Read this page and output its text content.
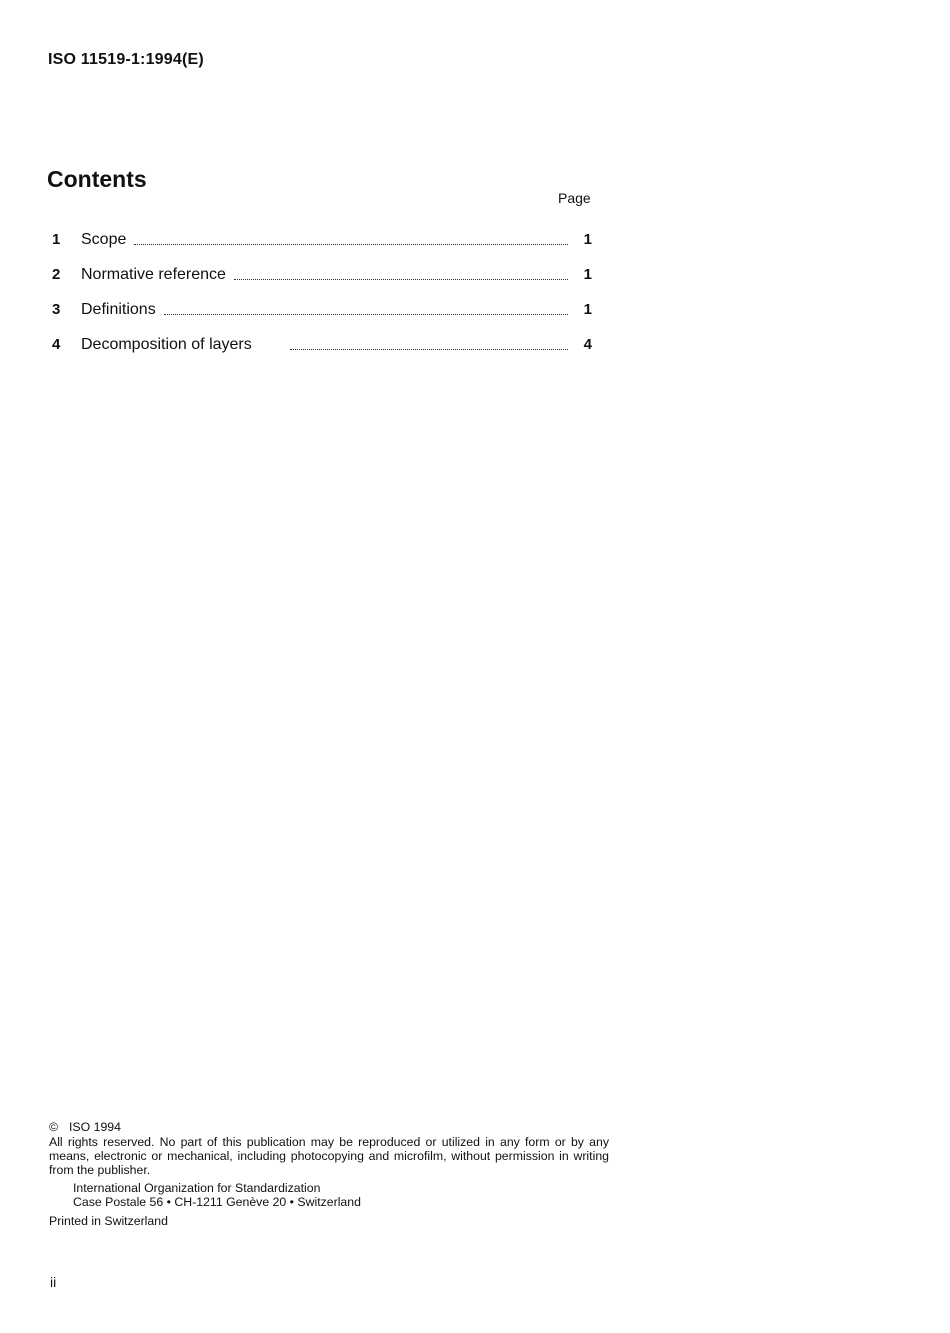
ISO 11519-1:1994(E)
Contents
Page
1	Scope	1
2	Normative reference	1
3	Definitions	1
4	Decomposition of layers	4
© ISO 1994
All rights reserved. No part of this publication may be reproduced or utilized in any form or by any means, electronic or mechanical, including photocopying and microfilm, without permission in writing from the publisher.
International Organization for Standardization
Case Postale 56 • CH-1211 Genève 20 • Switzerland
Printed in Switzerland
ii
